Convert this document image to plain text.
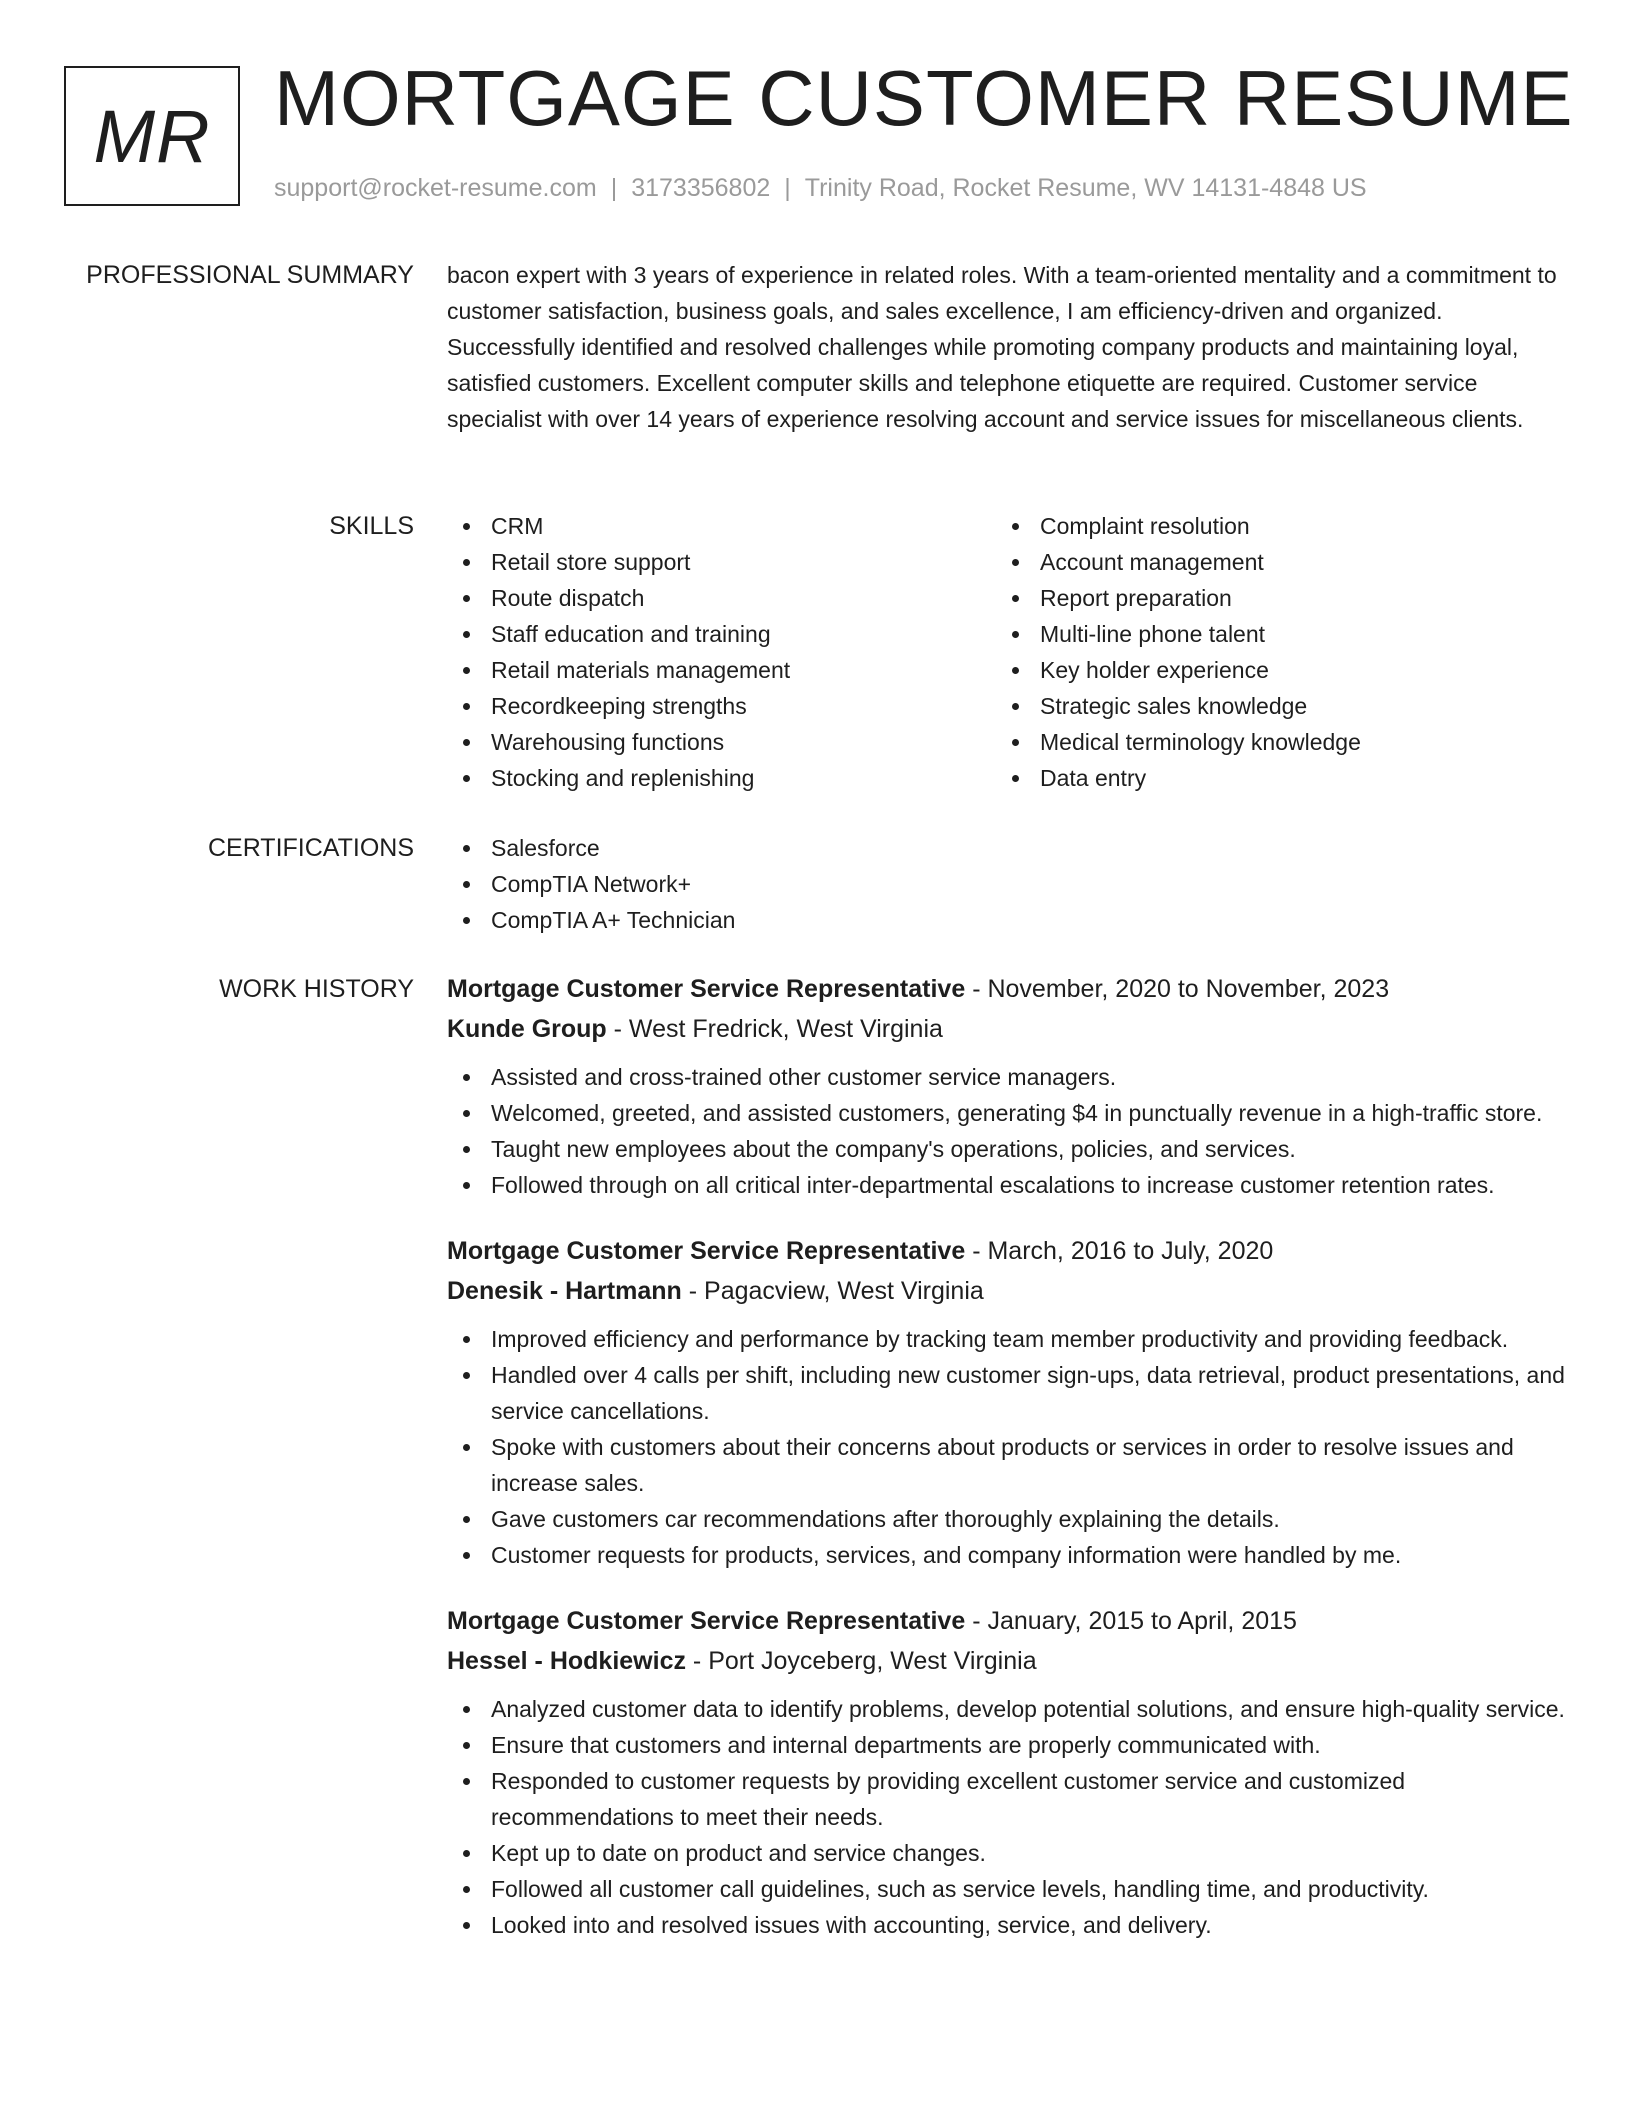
MR MORTGAGE CUSTOMER RESUME
support@rocket-resume.com | 3173356802 | Trinity Road, Rocket Resume, WV 14131-4848 US
PROFESSIONAL SUMMARY bacon expert with 3 years of experience in related roles. With a team-oriented mentality and a commitment to customer satisfaction, business goals, and sales excellence, I am efficiency-driven and organized. Successfully identified and resolved challenges while promoting company products and maintaining loyal, satisfied customers. Excellent computer skills and telephone etiquette are required. Customer service specialist with over 14 years of experience resolving account and service issues for miscellaneous clients.

SKILLS	CRM
Retail store support
Route dispatch
Staff education and training
Retail materials management
Recordkeeping strengths
Warehousing functions
Stocking and replenishing
Complaint resolution
Account management
Report preparation
Multi-line phone talent
Key holder experience
Strategic sales knowledge
Medical terminology knowledge
Data entry
CERTIFICATIONS	Salesforce
CompTIA Network+
CompTIA A+ Technician
WORK HISTORY Mortgage Customer Service Representative - November, 2020 to November, 2023
Kunde Group - West Fredrick, West Virginia
Assisted and cross-trained other customer service managers.
Welcomed, greeted, and assisted customers, generating $4 in punctually revenue in a high-traffic store.
Taught new employees about the company's operations, policies, and services.
Followed through on all critical inter-departmental escalations to increase customer retention rates.
Mortgage Customer Service Representative - March, 2016 to July, 2020
Denesik - Hartmann - Pagacview, West Virginia
Improved efficiency and performance by tracking team member productivity and providing feedback.
Handled over 4 calls per shift, including new customer sign-ups, data retrieval, product presentations, and service cancellations.
Spoke with customers about their concerns about products or services in order to resolve issues and increase sales.
Gave customers car recommendations after thoroughly explaining the details.
Customer requests for products, services, and company information were handled by me.
Mortgage Customer Service Representative - January, 2015 to April, 2015
Hessel - Hodkiewicz - Port Joyceberg, West Virginia
Analyzed customer data to identify problems, develop potential solutions, and ensure high-quality service.
Ensure that customers and internal departments are properly communicated with.
Responded to customer requests by providing excellent customer service and customized recommendations to meet their needs.
Kept up to date on product and service changes.
Followed all customer call guidelines, such as service levels, handling time, and productivity.
Looked into and resolved issues with accounting, service, and delivery.
